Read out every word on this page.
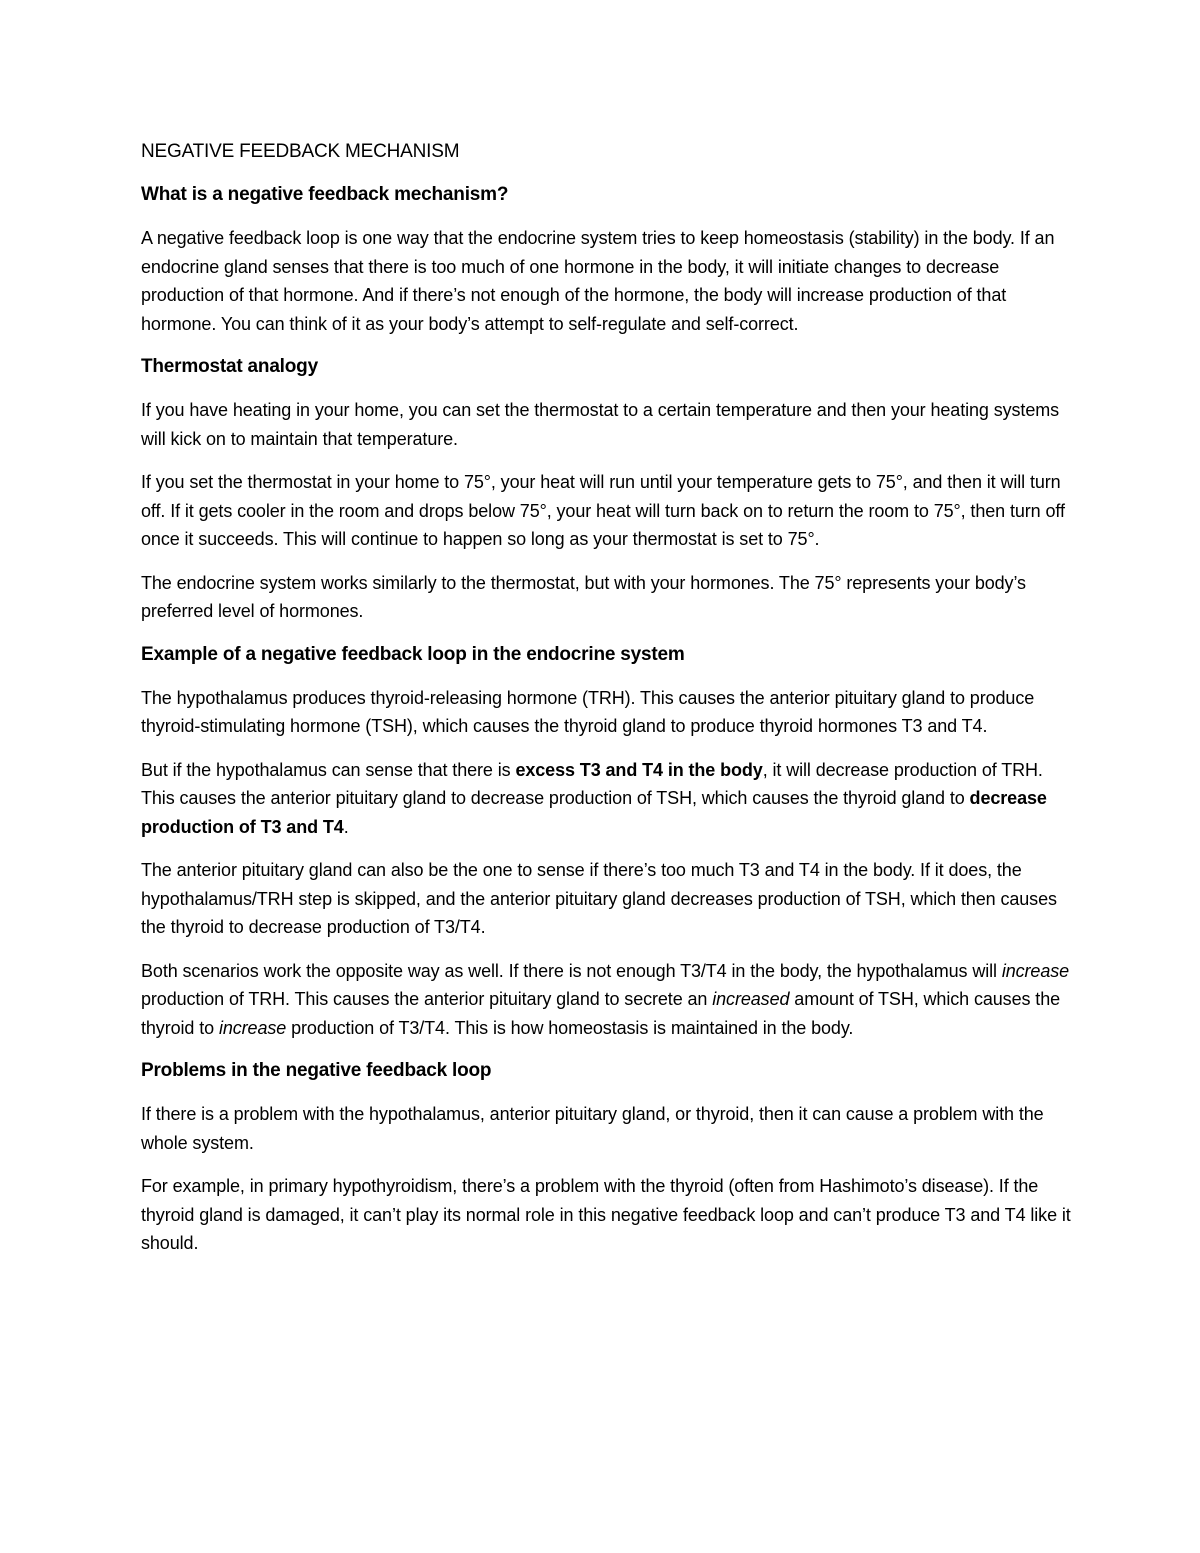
NEGATIVE FEEDBACK MECHANISM
What is a negative feedback mechanism?

A negative feedback loop is one way that the endocrine system tries to keep homeostasis (stability) in the body. If an endocrine gland senses that there is too much of one hormone in the body, it will initiate changes to decrease production of that hormone. And if there’s not enough of the hormone, the body will increase production of that hormone. You can think of it as your body’s attempt to self-regulate and self-correct.

Thermostat analogy

If you have heating in your home, you can set the thermostat to a certain temperature and then your heating systems will kick on to maintain that temperature.

If you set the thermostat in your home to 75°, your heat will run until your temperature gets to 75°, and then it will turn off. If it gets cooler in the room and drops below 75°, your heat will turn back on to return the room to 75°, then turn off once it succeeds. This will continue to happen so long as your thermostat is set to 75°.

The endocrine system works similarly to the thermostat, but with your hormones. The 75° represents your body’s preferred level of hormones.

Example of a negative feedback loop in the endocrine system

The hypothalamus produces thyroid-releasing hormone (TRH). This causes the anterior pituitary gland to produce thyroid-stimulating hormone (TSH), which causes the thyroid gland to produce thyroid hormones T3 and T4.

But if the hypothalamus can sense that there is excess T3 and T4 in the body, it will decrease production of TRH. This causes the anterior pituitary gland to decrease production of TSH, which causes the thyroid gland to decrease production of T3 and T4.

The anterior pituitary gland can also be the one to sense if there’s too much T3 and T4 in the body. If it does, the hypothalamus/TRH step is skipped, and the anterior pituitary gland decreases production of TSH, which then causes the thyroid to decrease production of T3/T4.

Both scenarios work the opposite way as well. If there is not enough T3/T4 in the body, the hypothalamus will increase production of TRH. This causes the anterior pituitary gland to secrete an increased amount of TSH, which causes the thyroid to increase production of T3/T4. This is how homeostasis is maintained in the body.

Problems in the negative feedback loop

If there is a problem with the hypothalamus, anterior pituitary gland, or thyroid, then it can cause a problem with the whole system.

For example, in primary hypothyroidism, there’s a problem with the thyroid (often from Hashimoto’s disease). If the thyroid gland is damaged, it can’t play its normal role in this negative feedback loop and can’t produce T3 and T4 like it should.
